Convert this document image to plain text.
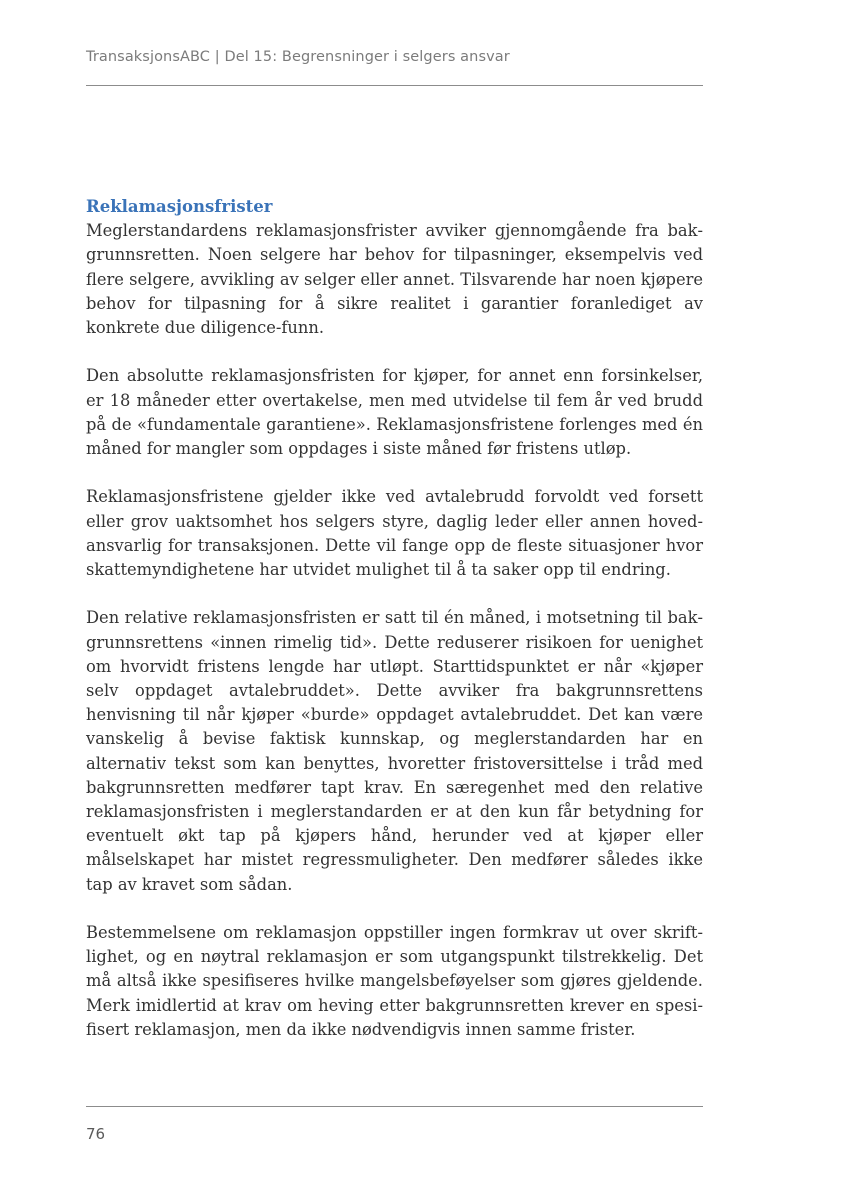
TransaksjonsABC | Del 15: Begrensninger i selgers ansvar
Reklamasjonsfrister

Meglerstandardens reklamasjonsfrister avviker gjennomgående fra bakgrunnsretten. Noen selgere har behov for tilpasninger, eksempelvis ved flere selgere, avvikling av selger eller annet. Tilsvarende har noen kjøpere behov for tilpasning for å sikre realitet i garantier foranlediget av konkrete due diligence-funn.

Den absolutte reklamasjonsfristen for kjøper, for annet enn forsinkelser, er 18 måneder etter overtakelse, men med utvidelse til fem år ved brudd på de «fundamentale garantiene». Reklamasjonsfristene forlenges med én måned for mangler som oppdages i siste måned før fristens utløp.

Reklamasjonsfristene gjelder ikke ved avtalebrudd forvoldt ved forsett eller grov uaktsomhet hos selgers styre, daglig leder eller annen hovedansvarlig for transaksjonen. Dette vil fange opp de fleste situasjoner hvor skattemyndighetene har utvidet mulighet til å ta saker opp til endring.

Den relative reklamasjonsfristen er satt til én måned, i motsetning til bakgrunnsrettens «innen rimelig tid». Dette reduserer risikoen for uenighet om hvorvidt fristens lengde har utløpt. Starttidspunktet er når «kjøper selv oppdaget avtalebruddet». Dette avviker fra bakgrunnsrettens henvisning til når kjøper «burde» oppdaget avtalebruddet. Det kan være vanskelig å bevise faktisk kunnskap, og meglerstandarden har en alternativ tekst som kan benyttes, hvoretter fristoversittelse i tråd med bakgrunnsretten medfører tapt krav. En særegenhet med den relative reklamasjonsfristen i meglerstandarden er at den kun får betydning for eventuelt økt tap på kjøpers hånd, herunder ved at kjøper eller målselskapet har mistet regressmuligheter. Den medfører således ikke tap av kravet som sådan.

Bestemmelsene om reklamasjon oppstiller ingen formkrav ut over skriftlighet, og en nøytral reklamasjon er som utgangspunkt tilstrekkelig. Det må altså ikke spesifiseres hvilke mangelsbeføyelser som gjøres gjeldende. Merk imidlertid at krav om heving etter bakgrunnsretten krever en spesifisert reklamasjon, men da ikke nødvendigvis innen samme frister.

76
